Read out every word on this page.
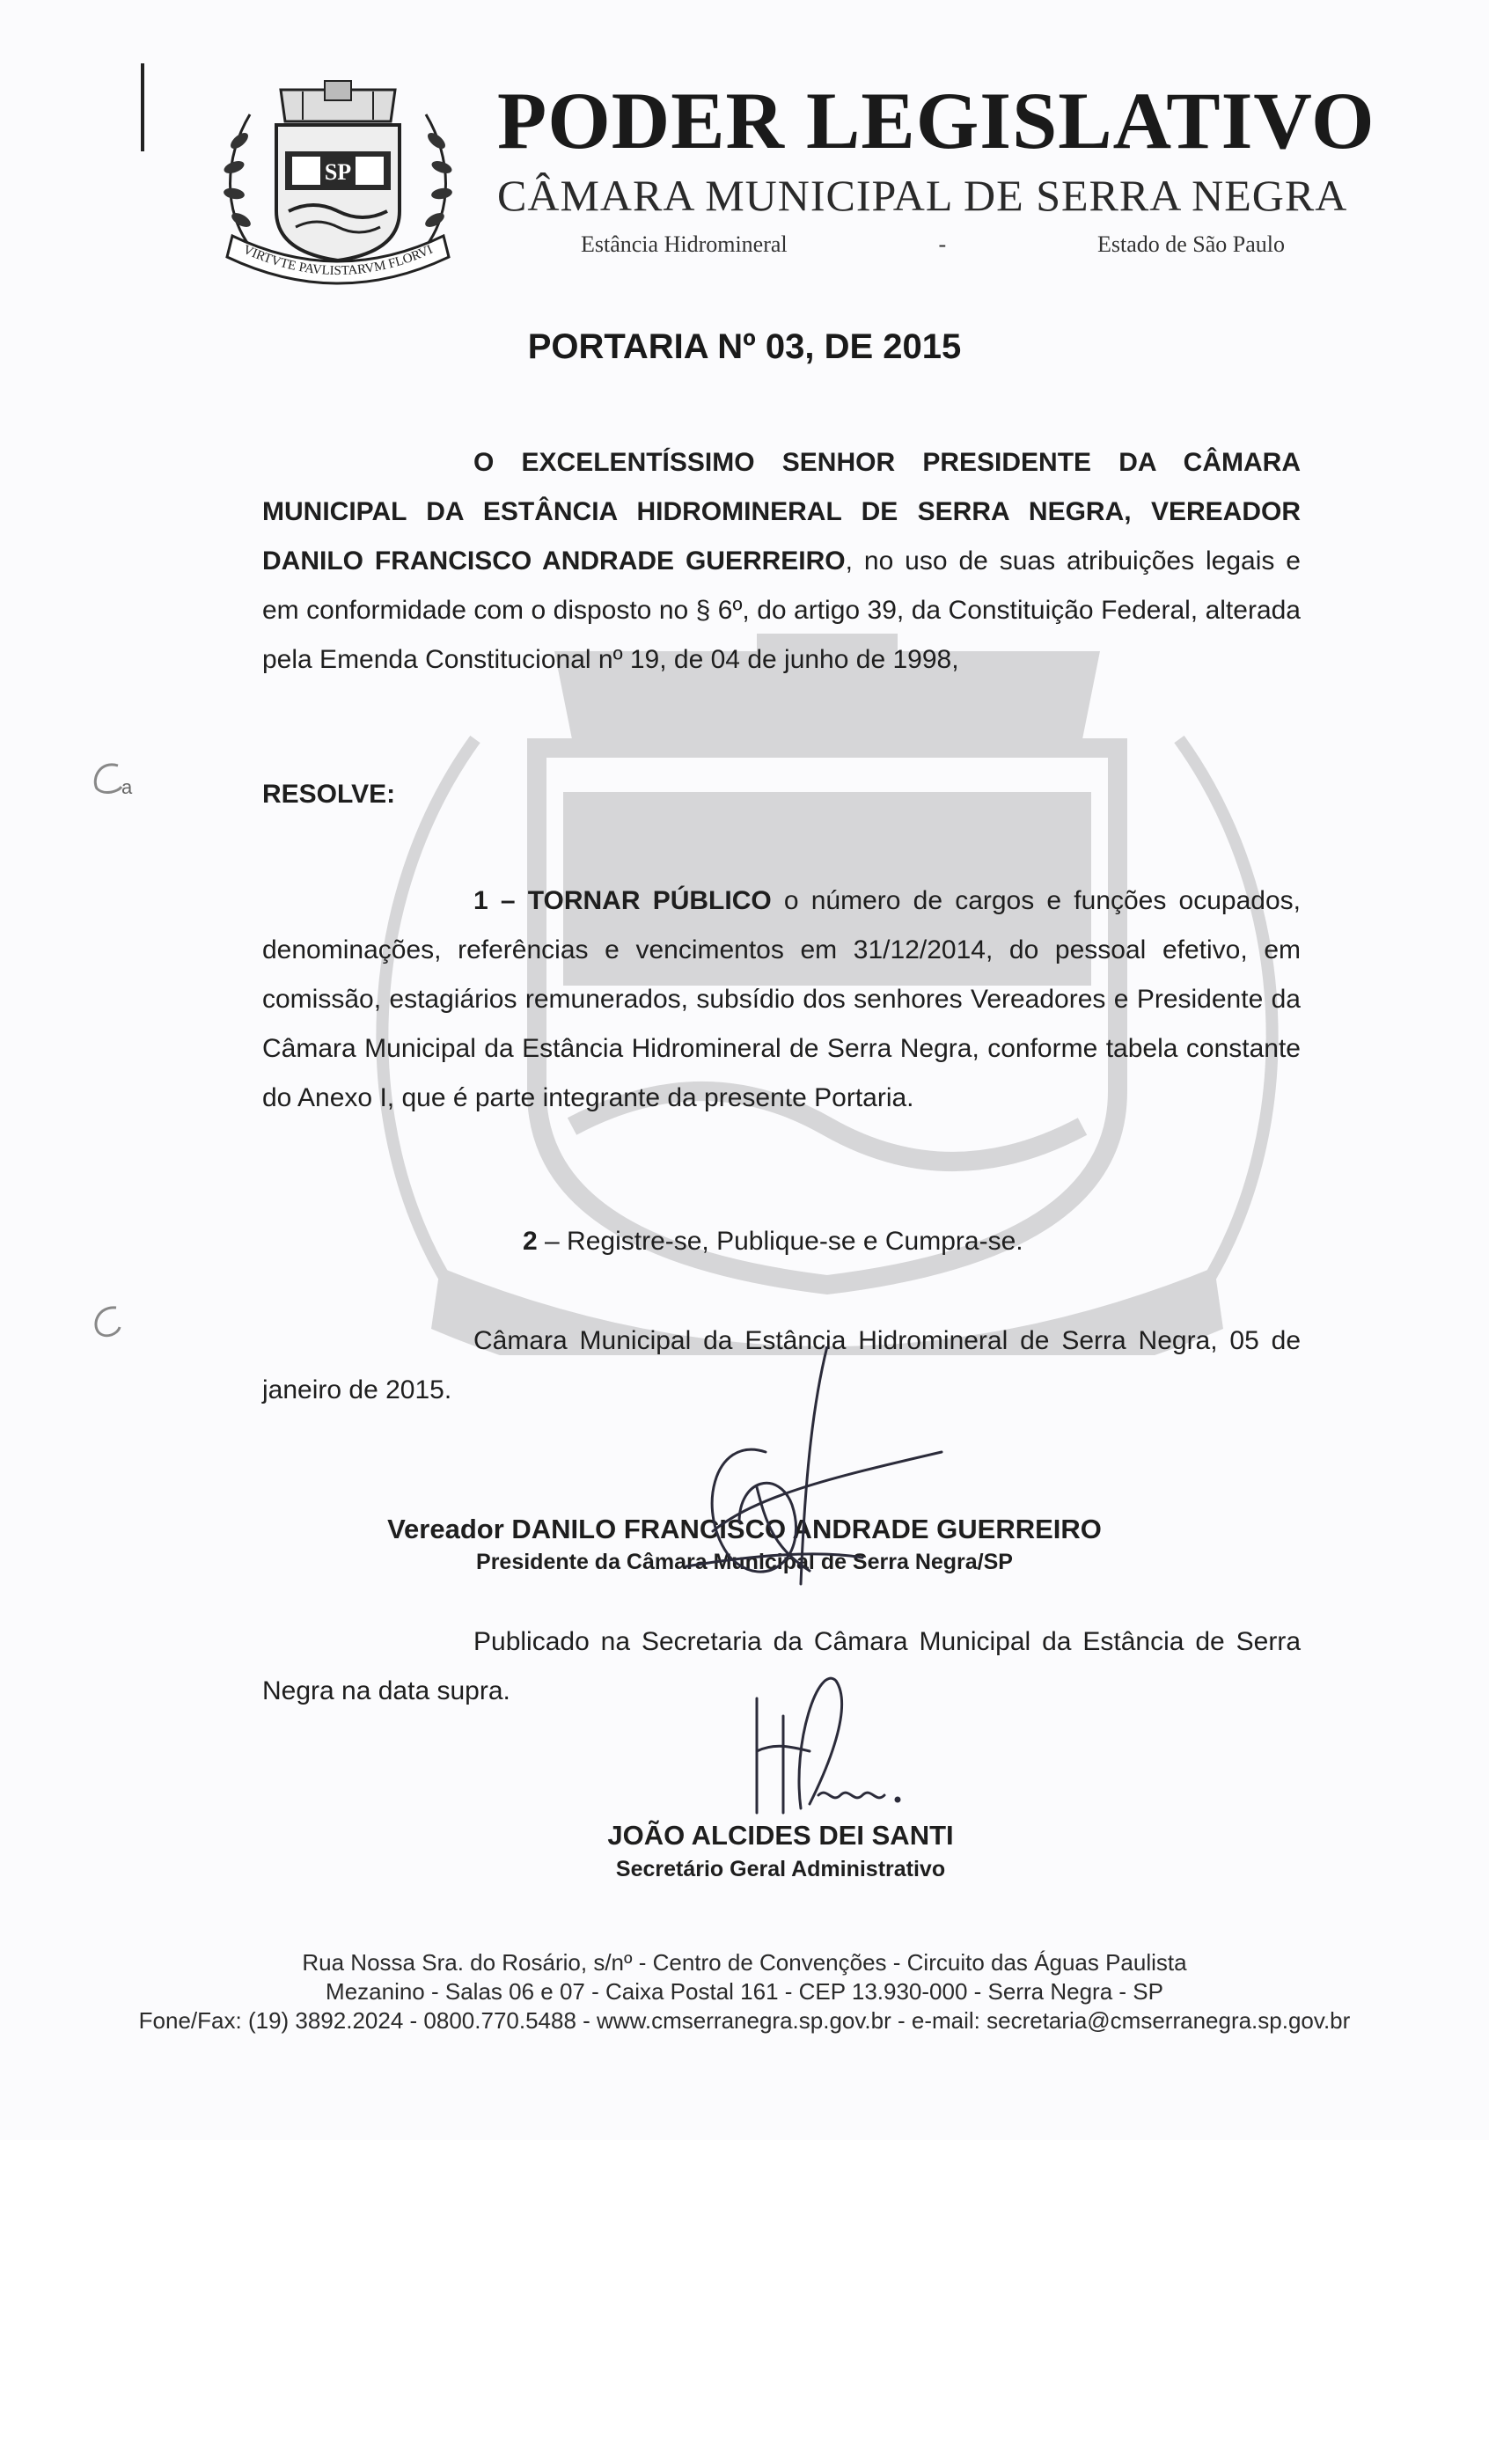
SP
VIRTVTE PAVLISTARVM FLORVI
PODER LEGISLATIVO
CÂMARA MUNICIPAL DE SERRA NEGRA
Estância Hidromineral	-	Estado de São Paulo
PORTARIA Nº 03, DE 2015
O EXCELENTÍSSIMO SENHOR PRESIDENTE DA CÂMARA MUNICIPAL DA ESTÂNCIA HIDROMINERAL DE SERRA NEGRA, VEREADOR DANILO FRANCISCO ANDRADE GUERREIRO, no uso de suas atribuições legais e em conformidade com o disposto no § 6º, do artigo 39, da Constituição Federal, alterada pela Emenda Constitucional nº 19, de 04 de junho de 1998,
RESOLVE:
1 – TORNAR PÚBLICO o número de cargos e funções ocupados, denominações, referências e vencimentos em 31/12/2014, do pessoal efetivo, em comissão, estagiários remunerados, subsídio dos senhores Vereadores e Presidente da Câmara Municipal da Estância Hidromineral de Serra Negra, conforme tabela constante do Anexo I, que é parte integrante da presente Portaria.
2 – Registre-se, Publique-se e Cumpra-se.
Câmara Municipal da Estância Hidromineral de Serra Negra, 05 de janeiro de 2015.
Vereador DANILO FRANCISCO ANDRADE GUERREIRO
Presidente da Câmara Municipal de Serra Negra/SP
Publicado na Secretaria da Câmara Municipal da Estância de Serra Negra na data supra.
JOÃO ALCIDES DEI SANTI
Secretário Geral Administrativo
Rua Nossa Sra. do Rosário, s/nº - Centro de Convenções - Circuito das Águas Paulista
Mezanino - Salas 06 e 07 - Caixa Postal 161 - CEP 13.930-000 - Serra Negra - SP
Fone/Fax: (19) 3892.2024 - 0800.770.5488 - www.cmserranegra.sp.gov.br - e-mail: secretaria@cmserranegra.sp.gov.br
a
